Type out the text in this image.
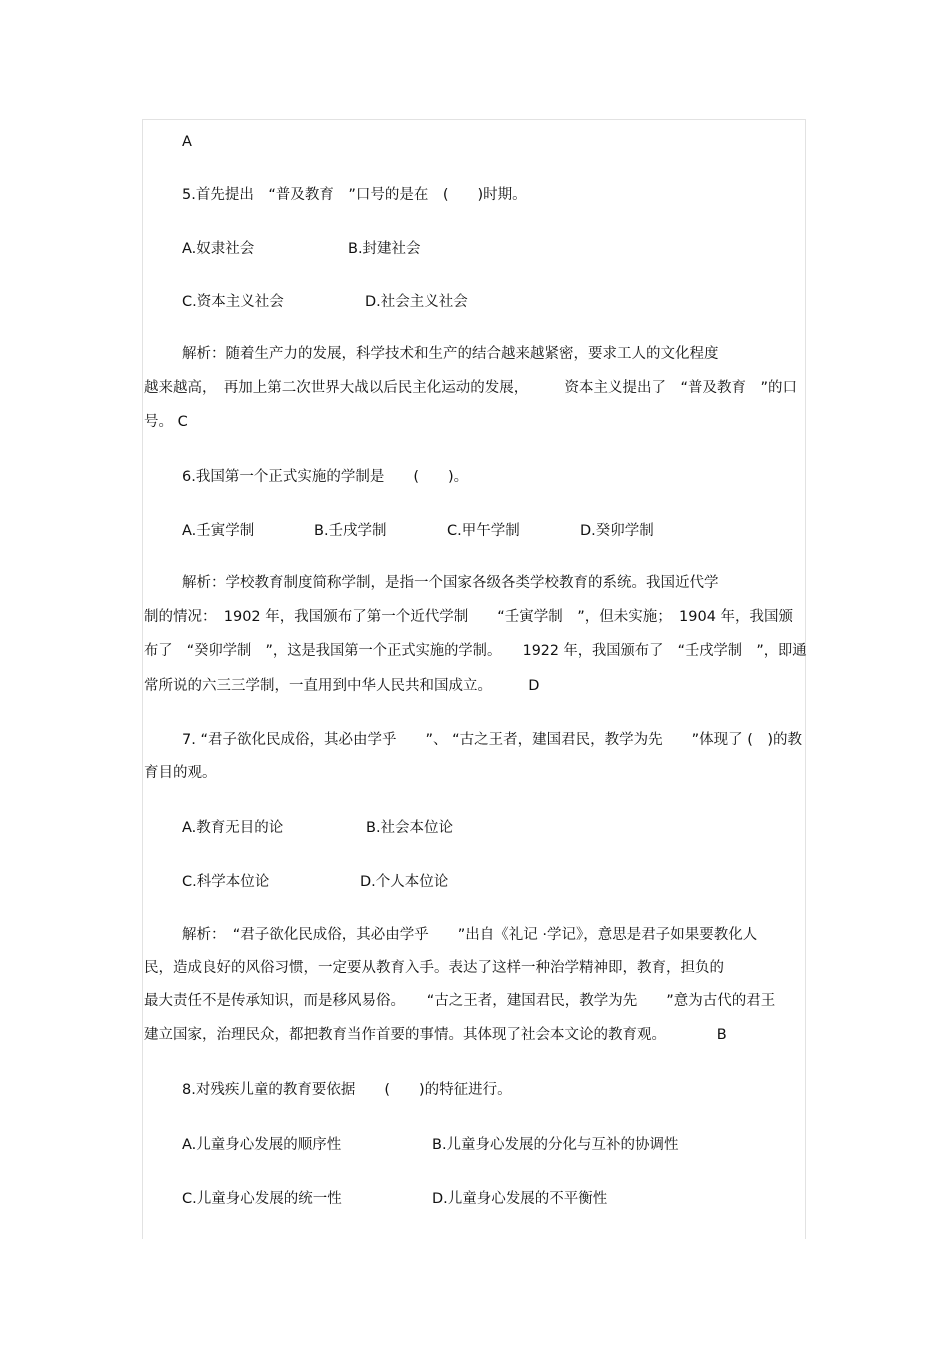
A
5.首先提出　“普及教育　”口号的是在　(　　)时期。
A.奴隶社会	B.封建社会
C.资本主义社会	D.社会主义社会
解析：随着生产力的发展，科学技术和生产的结合越来越紧密，要求工人的文化程度
越来越高，　再加上第二次世界大战以后民主化运动的发展，　　　资本主义提出了　“普及教育　”的口
号。 C
6.我国第一个正式实施的学制是　　(　　)。
A.壬寅学制	B.壬戌学制	C.甲午学制	D.癸卯学制
解析：学校教育制度简称学制，是指一个国家各级各类学校教育的系统。我国近代学
制的情况：　1902 年，我国颁布了第一个近代学制　　“壬寅学制　”，但未实施；　1904 年，我国颁
布了　“癸卯学制　”，这是我国第一个正式实施的学制。　　1922 年，我国颁布了　“壬戌学制　”，即通
常所说的六三三学制，一直用到中华人民共和国成立。　　　D
7. “君子欲化民成俗，其必由学乎　　”、 “古之王者，建国君民，教学为先　　”体现了 (　)的教
育目的观。
A.教育无目的论	B.社会本位论
C.科学本位论	D.个人本位论
解析：　“君子欲化民成俗，其必由学乎　　”出自《礼记 ·学记》，意思是君子如果要教化人
民，造成良好的风俗习惯，一定要从教育入手。表达了这样一种治学精神即，教育，担负的
最大责任不是传承知识，而是移风易俗。　　“古之王者，建国君民，教学为先　　”意为古代的君王
建立国家，治理民众，都把教育当作首要的事情。其体现了社会本文论的教育观。　　　　B
8.对残疾儿童的教育要依据　　(　　)的特征进行。
A.儿童身心发展的顺序性	B.儿童身心发展的分化与互补的协调性
C.儿童身心发展的统一性	D.儿童身心发展的不平衡性
